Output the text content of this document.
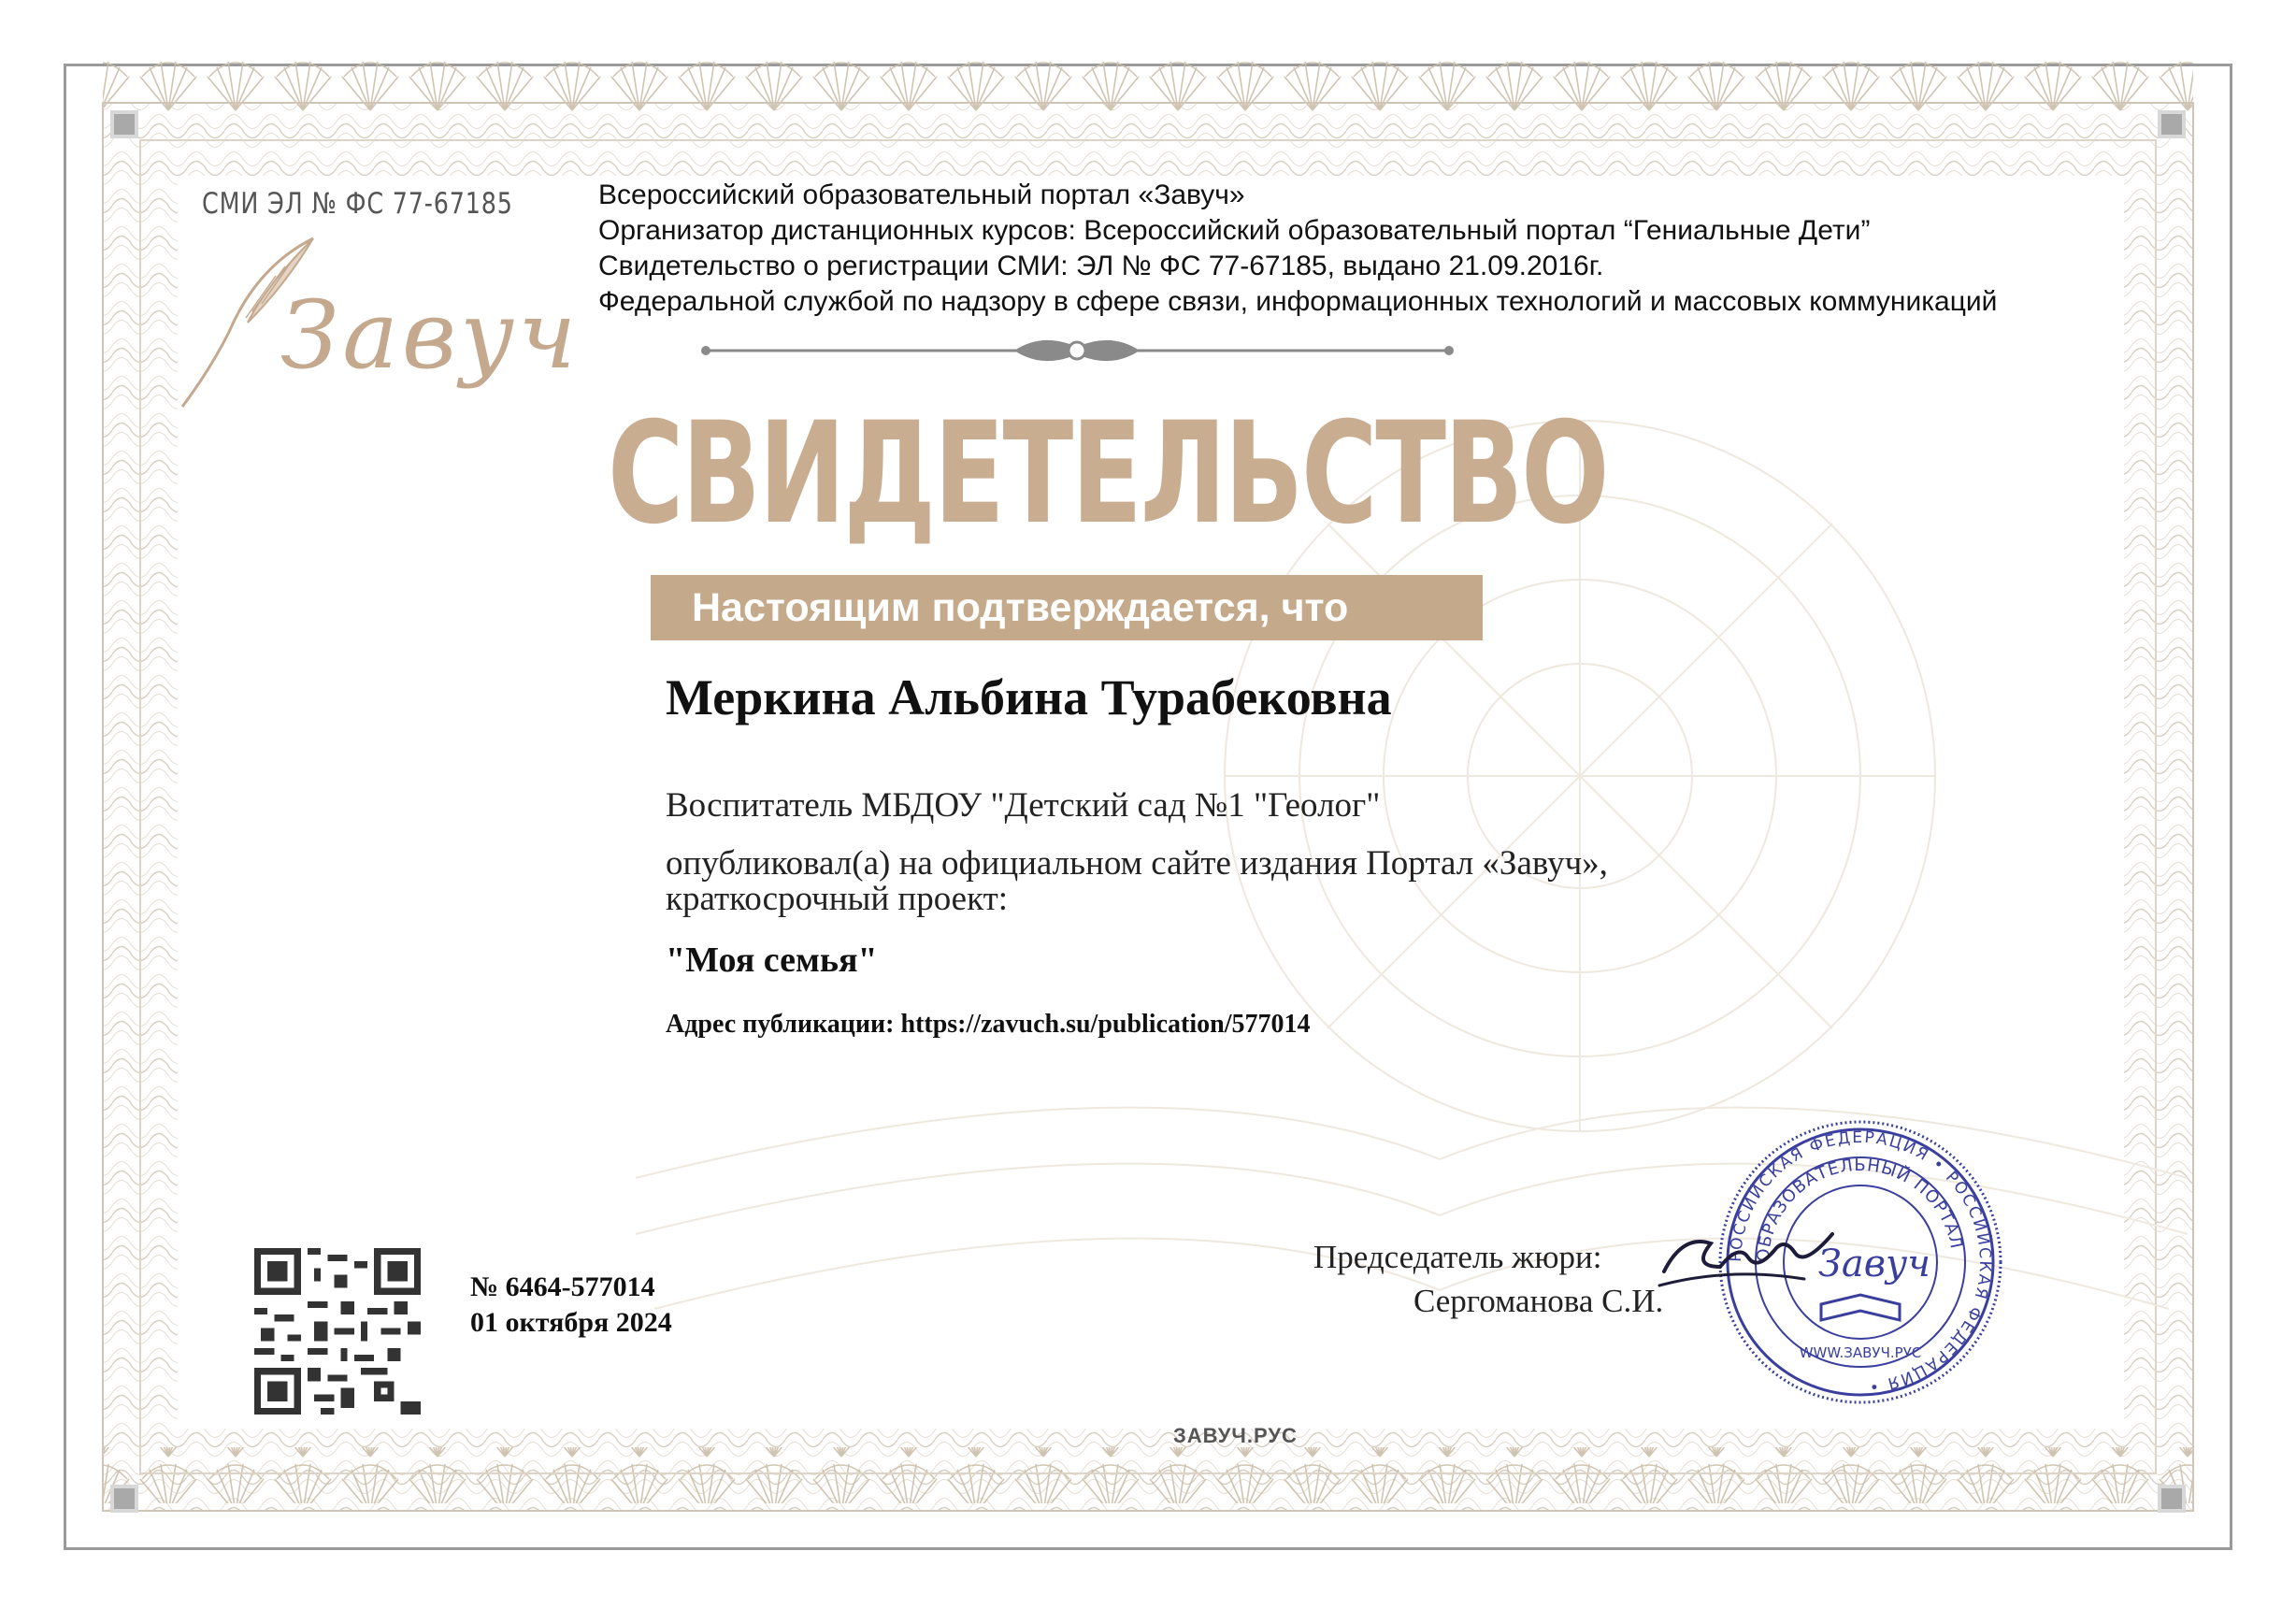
СМИ ЭЛ № ФС 77-67185
Завуч
Всероссийский образовательный портал «Завуч»
Организатор дистанционных курсов: Всероссийский образовательный портал “Гениальные Дети”
Свидетельство о регистрации СМИ: ЭЛ № ФС 77-67185, выдано 21.09.2016г.
Федеральной службой по надзору в сфере связи, информационных технологий и массовых коммуникаций
СВИДЕТЕЛЬСТВО
Настоящим подтверждается, что
Меркина Альбина Турабековна
Воспитатель МБДОУ "Детский сад №1 "Геолог"
опубликовал(а) на официальном сайте издания Портал «Завуч»,
краткосрочный проект:
"Моя семья"
Адрес публикации: https://zavuch.su/publication/577014
№ 6464-577014
01 октября 2024
Председатель жюри:
Сергоманова С.И.
РОССИЙСКАЯ ФЕДЕРАЦИЯ • РОССИЙСКАЯ ФЕДЕРАЦИЯ •
ОБРАЗОВАТЕЛЬНЫЙ ПОРТАЛ
Завуч
WWW.ЗАВУЧ.РУС
ЗАВУЧ.РУС
